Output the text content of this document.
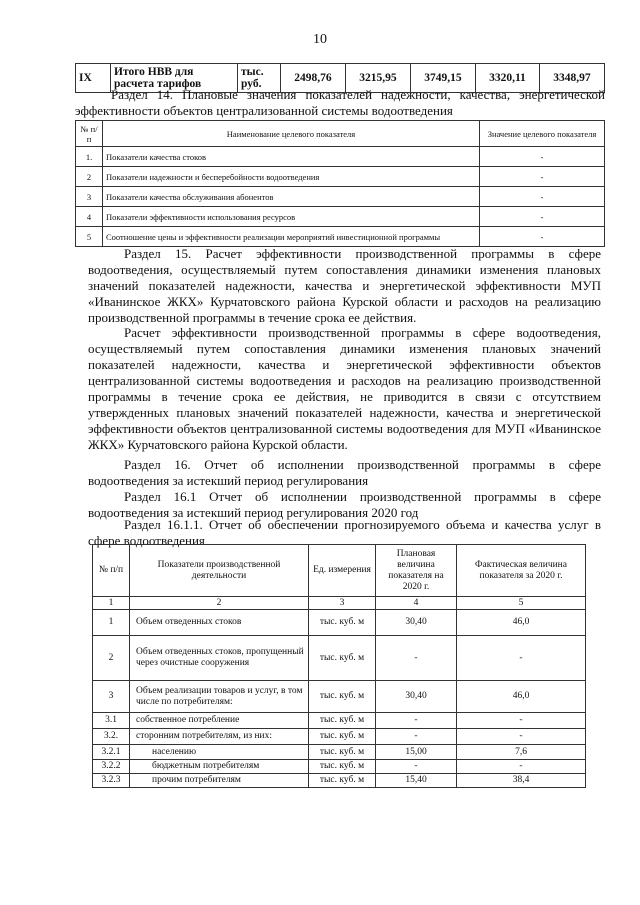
10
IX	Итого НВВ для расчета тарифов	тыс. руб.	2498,76	3215,95	3749,15	3320,11	3348,97
Раздел 14. Плановые значения показателей надежности, качества, энергетической эффективности объектов централизованной системы водоотведения
№ п/п	Наименование целевого показателя	Значение целевого показателя
1.	Показатели качества стоков	-
2	Показатели надежности и бесперебойности водоотведения	-
3	Показатели качества обслуживания абонентов	-
4	Показатели эффективности использования ресурсов	-
5	Соотношение цены и эффективности реализации мероприятий инвестиционной программы	-
Раздел 15. Расчет эффективности производственной программы в сфере водоотведения, осуществляемый путем сопоставления динамики изменения плановых значений показателей надежности, качества и энергетической эффективности МУП «Иванинское ЖКХ» Курчатовского района Курской области и расходов на реализацию производственной программы в течение срока ее действия.
Расчет эффективности производственной программы в сфере водоотведения, осуществляемый путем сопоставления динамики изменения плановых значений показателей надежности, качества и энергетической эффективности объектов централизованной системы водоотведения и расходов на реализацию производственной программы в течение срока ее действия, не приводится в связи с отсутствием утвержденных плановых значений показателей надежности, качества и энергетической эффективности объектов централизованной системы водоотведения для МУП «Иванинское ЖКХ» Курчатовского района Курской области.
Раздел 16. Отчет об исполнении производственной программы в сфере водоотведения за истекший период регулирования
Раздел 16.1 Отчет об исполнении производственной программы в сфере водоотведения за истекший период регулирования 2020 год
Раздел 16.1.1. Отчет об обеспечении прогнозируемого объема и качества услуг в сфере водоотведения
№ п/п	Показатели производственной деятельности	Ед. измерения	Плановая величина показателя на 2020 г.	Фактическая величина показателя за 2020 г.
1	2	3	4	5
1	Объем отведенных стоков	тыс. куб. м	30,40	46,0
2	Объем отведенных стоков, пропущенный через очистные сооружения	тыс. куб. м	-	-
3	Объем реализации товаров и услуг, в том числе по потребителям:	тыс. куб. м	30,40	46,0
3.1	собственное потребление	тыс. куб. м	-	-
3.2.	сторонним потребителям, из них:	тыс. куб. м	-	-
3.2.1	населению	тыс. куб. м	15,00	7,6
3.2.2	бюджетным потребителям	тыс. куб. м	-	-
3.2.3	прочим потребителям	тыс. куб. м	15,40	38,4
